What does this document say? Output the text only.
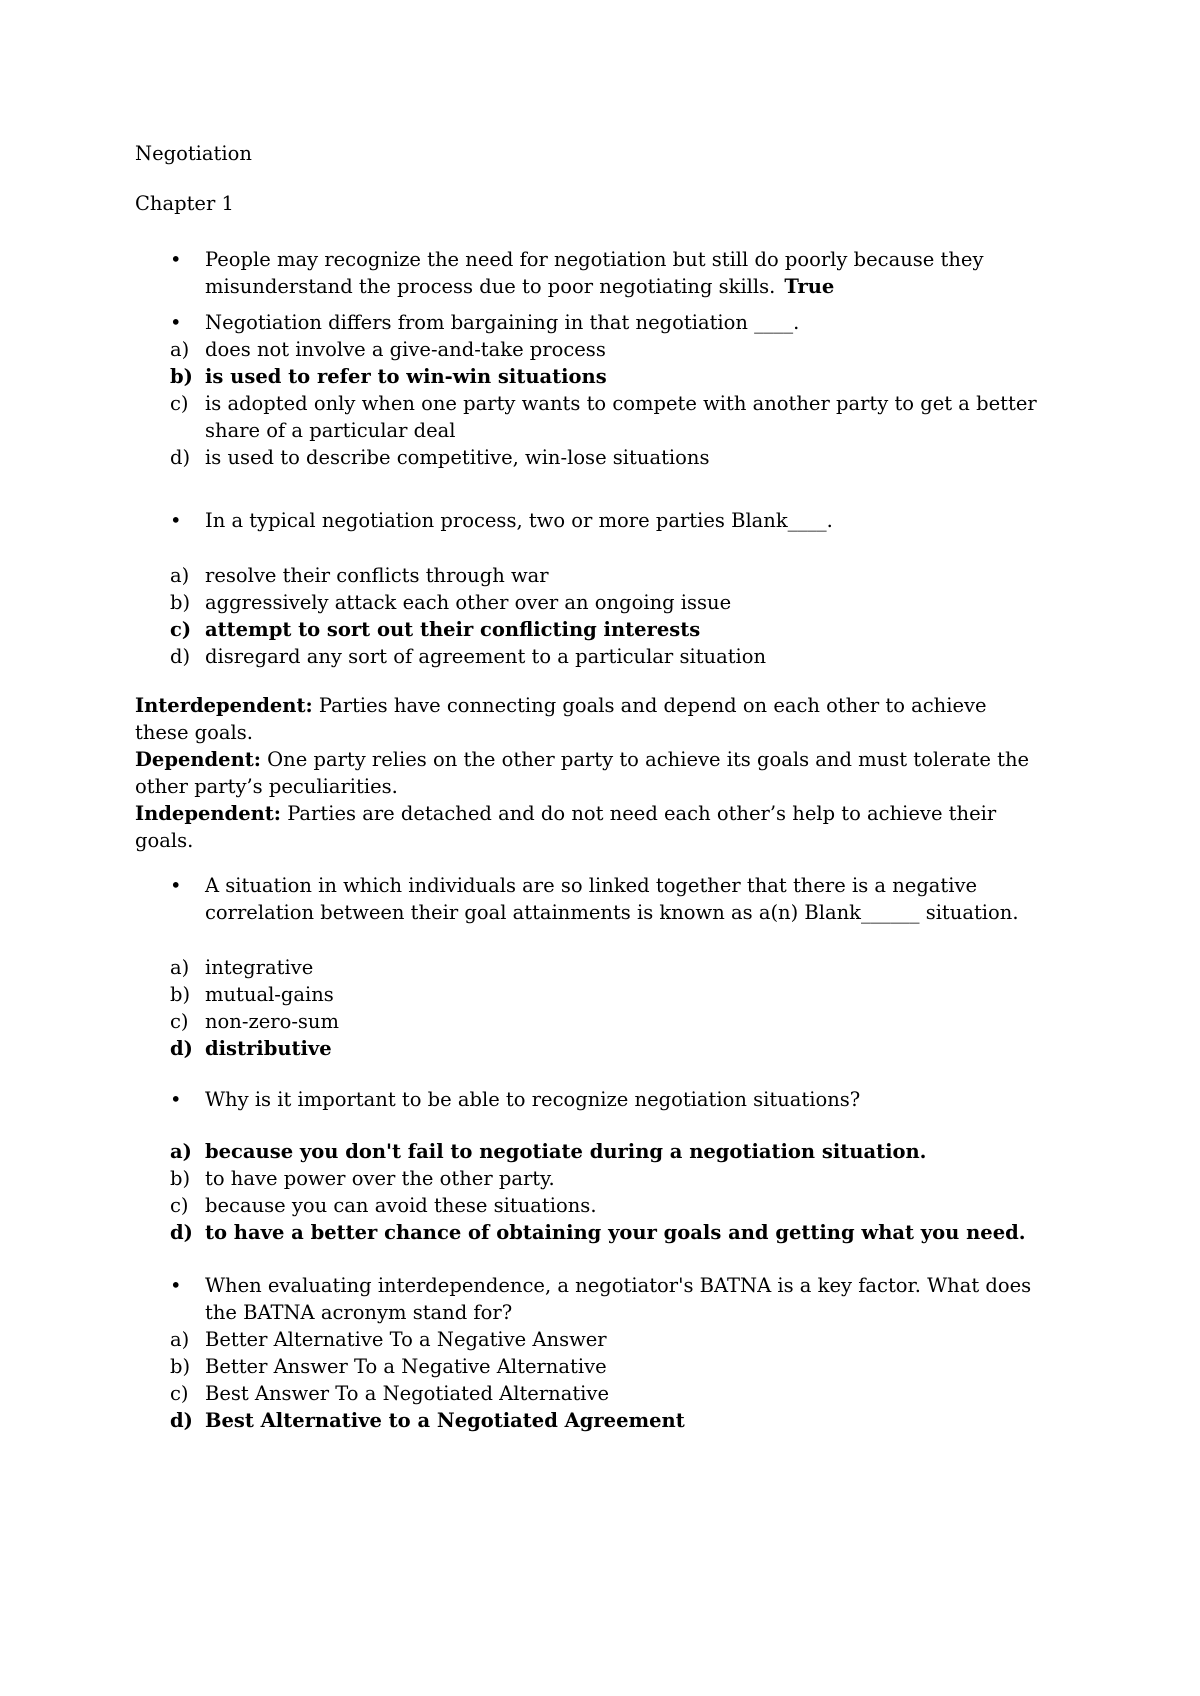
Negotiation

Chapter 1

•	People may recognize the need for negotiation but still do poorly because they misunderstand the process due to poor negotiating skills. True

•	Negotiation differs from bargaining in that negotiation ____.

a) does not involve a give-and-take process

b) is used to refer to win-win situations

c) is adopted only when one party wants to compete with another party to get a better share of a particular deal

d) is used to describe competitive, win-lose situations

•	In a typical negotiation process, two or more parties Blank____.

a) resolve their conflicts through war

b) aggressively attack each other over an ongoing issue

c) attempt to sort out their conflicting interests

d) disregard any sort of agreement to a particular situation

Interdependent: Parties have connecting goals and depend on each other to achieve these goals.

Dependent: One party relies on the other party to achieve its goals and must tolerate the other party’s peculiarities.

Independent: Parties are detached and do not need each other’s help to achieve their goals.

•	A situation in which individuals are so linked together that there is a negative correlation between their goal attainments is known as a(n) Blank______ situation.

a) integrative

b) mutual-gains

c) non-zero-sum

d) distributive

•	Why is it important to be able to recognize negotiation situations?

a) because you don't fail to negotiate during a negotiation situation.

b) to have power over the other party.

c) because you can avoid these situations.

d) to have a better chance of obtaining your goals and getting what you need.

•	When evaluating interdependence, a negotiator's BATNA is a key factor. What does the BATNA acronym stand for?

a) Better Alternative To a Negative Answer

b) Better Answer To a Negative Alternative

c) Best Answer To a Negotiated Alternative

d) Best Alternative to a Negotiated Agreement
